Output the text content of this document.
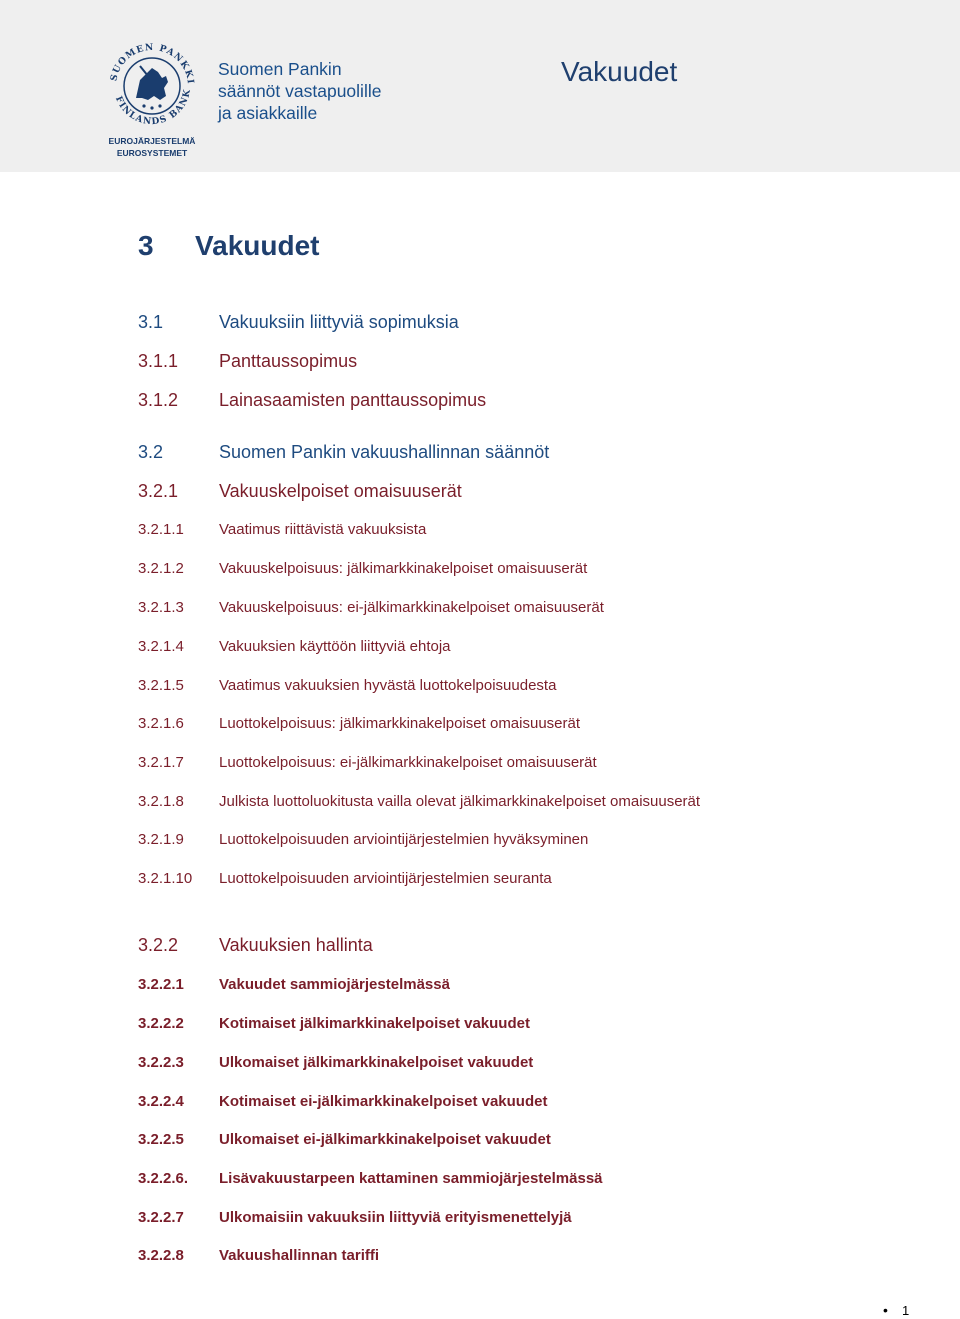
SUOMEN PANKKI
FINLANDS BANK
EUROJÄRJESTELMÄ
EUROSYSTEMET
Suomen Pankin
säännöt vastapuolille
ja asiakkaille
Vakuudet
3 Vakuudet
3.1	Vakuuksiin liittyviä sopimuksia
3.1.1 Panttaussopimus
3.1.2 Lainasaamisten panttaussopimus
3.2	Suomen Pankin vakuushallinnan säännöt
3.2.1 Vakuuskelpoiset omaisuuserät
3.2.1.1 Vaatimus riittävistä vakuuksista
3.2.1.2 Vakuuskelpoisuus: jälkimarkkinakelpoiset omaisuuserät
3.2.1.3 Vakuuskelpoisuus: ei-jälkimarkkinakelpoiset omaisuuserät
3.2.1.4 Vakuuksien käyttöön liittyviä ehtoja
3.2.1.5 Vaatimus vakuuksien hyvästä luottokelpoisuudesta
3.2.1.6 Luottokelpoisuus: jälkimarkkinakelpoiset omaisuuserät
3.2.1.7 Luottokelpoisuus: ei-jälkimarkkinakelpoiset omaisuuserät
3.2.1.8 Julkista luottoluokitusta vailla olevat jälkimarkkinakelpoiset omaisuuserät
3.2.1.9 Luottokelpoisuuden arviointijärjestelmien hyväksyminen
3.2.1.10 Luottokelpoisuuden arviointijärjestelmien seuranta
3.2.2 Vakuuksien hallinta
3.2.2.1 Vakuudet sammiojärjestelmässä
3.2.2.2 Kotimaiset jälkimarkkinakelpoiset vakuudet
3.2.2.3 Ulkomaiset jälkimarkkinakelpoiset vakuudet
3.2.2.4 Kotimaiset ei-jälkimarkkinakelpoiset vakuudet
3.2.2.5 Ulkomaiset ei-jälkimarkkinakelpoiset vakuudet
3.2.2.6. Lisävakuustarpeen kattaminen sammiojärjestelmässä
3.2.2.7 Ulkomaisiin vakuuksiin liittyviä erityismenettelyjä
3.2.2.8 Vakuushallinnan tariffi
• 1
